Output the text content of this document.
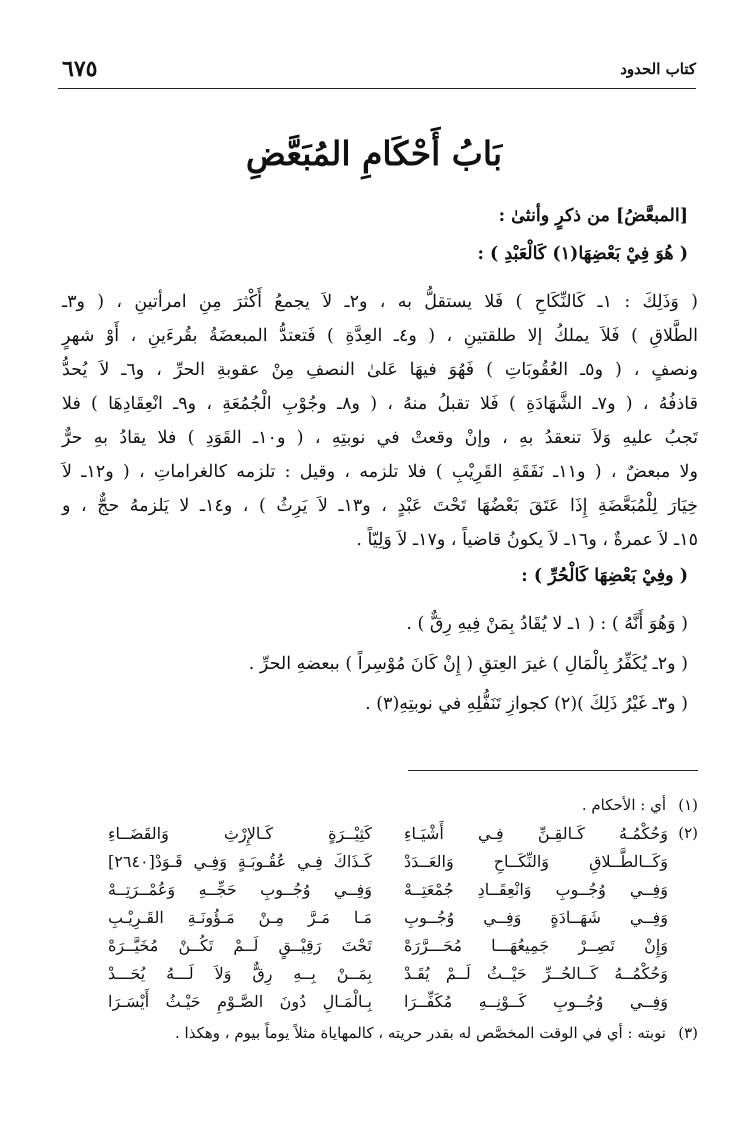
كتاب الحدود
٦٧٥
بَابُ أَحْكَامِ المُبَعَّضِ
[المبعَّضُ] من ذكرٍ وأنثىٰ :
( هُوَ فِيْ بَعْضِهَا(١) كَالْعَبْدِ ) :
( وَذَلِكَ : ١ـ كَالنِّكَاحِ ) فَلا يستقلُّ به ، و٢ـ لاَ يجمعُ أَكْثرَ مِنِ امرأتينِ ، ( و٣ـ
الطَّلاقِ ) فَلاَ يملكُ إلا طلقتينِ ، ( و٤ـ العِدَّةِ ) فَتعتدُّ المبعضَةُ بقُرءَينِ ، أَوْ شهرٍ
ونصفٍ ، ( و٥ـ العُقُوبَاتِ ) فَهُوَ فيهَا عَلىٰ النصفِ مِنْ عقوبةِ الحرِّ ، و٦ـ لاَ يُحدُّ
قاذفُهُ ، ( و٧ـ الشَّهَادَةِ ) فَلا تقبلُ منهُ ، ( و٨ـ وجُوْبِ الْجُمُعَةِ ، و٩ـ انْعِقَادِهَا ) فلا
تَجبُ عليهِ وَلاَ تنعقدُ بهِ ، وإنْ وقعتْ في نوبتِهِ ، ( و١٠ـ القَوَدِ ) فلا يقادُ بهِ حرٌّ
ولا مبعضٌ ، ( و١١ـ نَفَقَةِ القَرِيْبِ ) فلا تلزمه ، وقيل : تلزمه كالغراماتِ ، ( و١٢ـ لاَ
خِيَارَ لِلْمُبَعَّضَةِ إِذَا عَتَقَ بَعْضُهَا تَحْتَ عَبْدٍ ، و١٣ـ لاَ يَرِثُ ) ، و١٤ـ لا يَلزمهُ حجٌّ ، و
١٥ـ لاَ عمرةٌ ، و١٦ـ لاَ يكونُ قاضياً ، و١٧ـ لاَ وَلِيّاً .
( وفِيْ بَعْضِهَا كَالْحُرِّ ) :
( وَهُوَ أَنَّهُ ) : ( ١ـ لا يُقَادُ بِمَنْ فِيهِ رِقٌّ ) .
( و٢ـ يُكَفِّرُ بِالْمَالِ ) غيرَ العِتقِ ( إِنْ كَانَ مُوْسِراً ) ببعضهِ الحرِّ .
( و٣ـ غَيْرُ ذَلِكَ )(٢) كجوازِ تَنَفُّلِهِ في نوبتِهِ(٣) .
(١)
أي : الأحكام .
(٢)
وَحُكْمُـهُ كَـالقِـنِّ فِـي أَشْيَـاءِ
كَثِيْــرَةٍ كَـالإِرْثِ وَالقَضَــاءِ
وَكَــالطَّــلاقِ وَالنِّكَــاحِ وَالعَــدَدْ
كَـذَاكَ فِـي عُقُـوبَـةٍ وَفِـي قَـوَدْ[٢٦٤٠]
وَفِــي وُجُــوبِ وَانْعِقَــادِ جُمْعَتِــهْ
وَفِــي وُجُــوبِ حَجِّــهِ وَعُمْــرَتِــهْ
وَفِــي شَهَــادَةٍ وَفِــي وُجُــوبِ
مَـا مَـرَّ مِـنْ مَـؤُونَـةِ القَـرِيْـبِ
وَإِنْ تَصِــرْ جَمِيعُهَـــا مُحَـــرَّرَهْ
تَحْتَ رَقِيْــقٍ لَــمْ تَكُــنْ مُخَيَّــرَهْ
وَحُكْمُــهُ كَــالحُــرِّ حَيْــثُ لَــمْ يُقَـدْ
بِمَــنْ بِــهِ رِقٌّ وَلاَ لَـــهُ يُحَـــدْ
وَفِــي وُجُــوبِ كَــوْنِــهِ مُكَفِّــرَا
بِـالْمَـالِ دُونَ الصَّـوْمِ حَيْـثُ أَيْسَـرَا
(٣)
نوبته : أي في الوقت المخصَّص له بقدر حريته ، كالمهاياة مثلاً يوماً بيوم ، وهكذا .
